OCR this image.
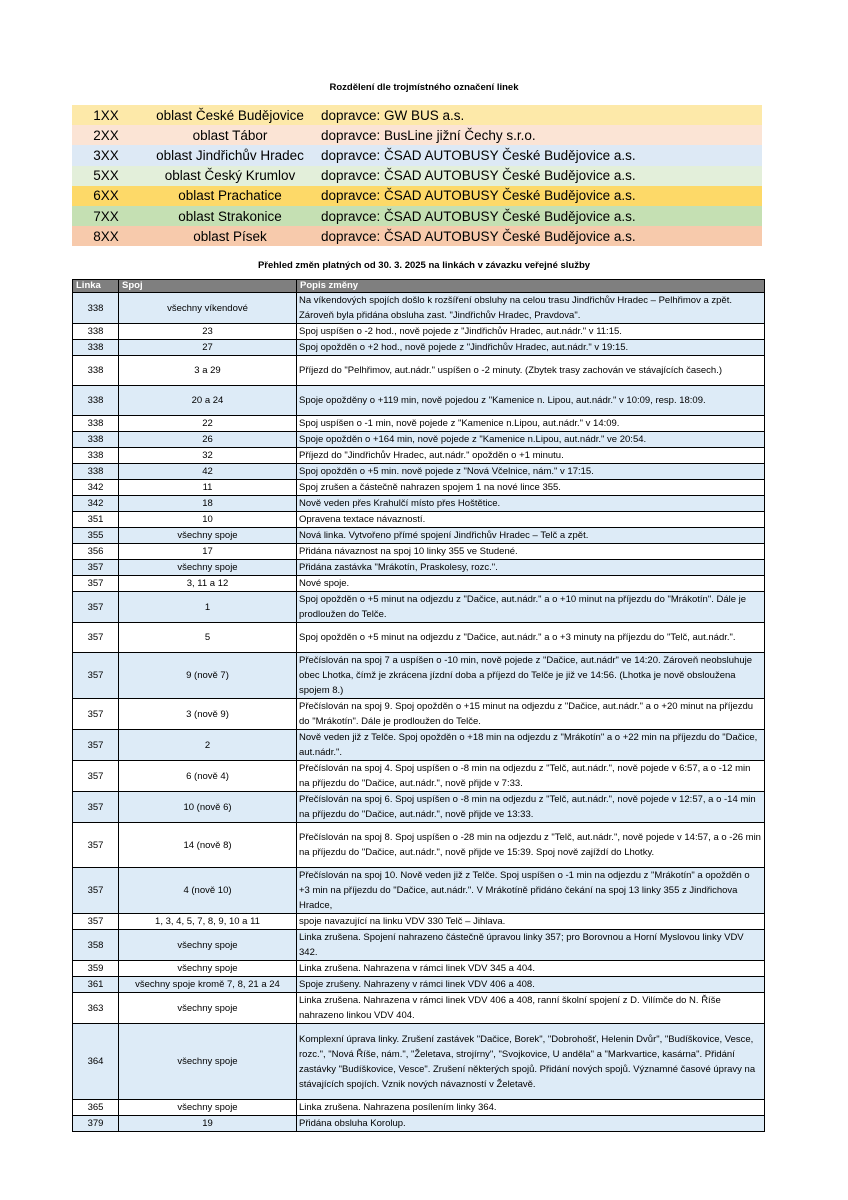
Rozdělení dle trojmístného označení linek
1XX	oblast České Budějovice	dopravce: GW BUS a.s.
2XX	oblast Tábor	dopravce: BusLine jižní Čechy s.r.o.
3XX	oblast Jindřichův Hradec	dopravce: ČSAD AUTOBUSY České Budějovice a.s.
5XX	oblast Český Krumlov	dopravce: ČSAD AUTOBUSY České Budějovice a.s.
6XX	oblast Prachatice	dopravce: ČSAD AUTOBUSY České Budějovice a.s.
7XX	oblast Strakonice	dopravce: ČSAD AUTOBUSY České Budějovice a.s.
8XX	oblast Písek	dopravce: ČSAD AUTOBUSY České Budějovice a.s.
Přehled změn platných od 30. 3. 2025 na linkách v závazku veřejné služby
Linka	Spoj	Popis změny
338	všechny víkendové	Na víkendových spojích došlo k rozšíření obsluhy na celou trasu Jindřichův Hradec – Pelhřimov a zpět. Zároveň byla přidána obsluha zast. "Jindřichův Hradec, Pravdova".
338	23	Spoj uspíšen o -2 hod., nově pojede z "Jindřichův Hradec, aut.nádr." v 11:15.
338	27	Spoj opožděn o +2 hod., nově pojede z "Jindřichův Hradec, aut.nádr." v 19:15.
338	3 a 29	Příjezd do "Pelhřimov, aut.nádr." uspíšen o -2 minuty. (Zbytek trasy zachován ve stávajících časech.)
338	20 a 24	Spoje opožděny o +119 min, nově pojedou z "Kamenice n. Lipou, aut.nádr." v 10:09, resp. 18:09.
338	22	Spoj uspíšen o -1 min, nově pojede z "Kamenice n.Lipou, aut.nádr." v 14:09.
338	26	Spoje opožděn o +164 min, nově pojede z "Kamenice n.Lipou, aut.nádr." ve 20:54.
338	32	Příjezd do "Jindřichův Hradec, aut.nádr." opožděn o +1 minutu.
338	42	Spoj opožděn o +5 min. nově pojede z "Nová Včelnice, nám." v 17:15.
342	11	Spoj zrušen a částečně nahrazen spojem 1 na nové lince 355.
342	18	Nově veden přes Krahulčí místo přes Hoštětice.
351	10	Opravena textace návazností.
355	všechny spoje	Nová linka. Vytvořeno přímé spojení Jindřichův Hradec – Telč a zpět.
356	17	Přidána návaznost na spoj 10 linky 355 ve Studené.
357	všechny spoje	Přidána zastávka "Mrákotín, Praskolesy, rozc.".
357	3, 11 a 12	Nové spoje.
357	1	Spoj opožděn o +5 minut na odjezdu z "Dačice, aut.nádr." a o +10 minut na příjezdu do "Mrákotín". Dále je prodloužen do Telče.
357	5	Spoj opožděn o +5 minut na odjezdu z "Dačice, aut.nádr." a o +3 minuty na příjezdu do "Telč, aut.nádr.".
357	9 (nově 7)	Přečíslován na spoj 7 a uspíšen o -10 min, nově pojede z "Dačice, aut.nádr" ve 14:20. Zároveň neobsluhuje obec Lhotka, čímž je zkrácena jízdní doba a příjezd do Telče je již ve 14:56. (Lhotka je nově obsloužena spojem 8.)
357	3 (nově 9)	Přečíslován na spoj 9. Spoj opožděn o +15 minut na odjezdu z "Dačice, aut.nádr." a o +20 minut na příjezdu do "Mrákotín". Dále je prodloužen do Telče.
357	2	Nově veden již z Telče. Spoj opožděn o +18 min na odjezdu z "Mrákotín" a o +22 min na příjezdu do "Dačice, aut.nádr.".
357	6 (nově 4)	Přečíslován na spoj 4. Spoj uspíšen o -8 min na odjezdu z "Telč, aut.nádr.", nově pojede v 6:57, a o -12 min na příjezdu do "Dačice, aut.nádr.", nově přijde v 7:33.
357	10 (nově 6)	Přečíslován na spoj 6. Spoj uspíšen o -8 min na odjezdu z "Telč, aut.nádr.", nově pojede v 12:57, a o -14 min na příjezdu do "Dačice, aut.nádr.", nově přijde ve 13:33.
357	14 (nově 8)	Přečíslován na spoj 8. Spoj uspíšen o -28 min na odjezdu z "Telč, aut.nádr.", nově pojede v 14:57, a o -26 min na příjezdu do "Dačice, aut.nádr.", nově přijde ve 15:39. Spoj nově zajíždí do Lhotky.
357	4 (nově 10)	Přečíslován na spoj 10. Nově veden již z Telče. Spoj uspíšen o -1 min na odjezdu z "Mrákotín" a opožděn o +3 min na příjezdu do "Dačice, aut.nádr.". V Mrákotíně přidáno čekání na spoj 13 linky 355 z Jindřichova Hradce,
357	1, 3, 4, 5, 7, 8, 9, 10 a 11	spoje navazující na linku VDV 330 Telč – Jihlava.
358	všechny spoje	Linka zrušena. Spojení nahrazeno částečně úpravou linky 357; pro Borovnou a Horní Myslovou linky VDV 342.
359	všechny spoje	Linka zrušena. Nahrazena v rámci linek VDV 345 a 404.
361	všechny spoje kromě 7, 8, 21 a 24	Spoje zrušeny. Nahrazeny v rámci linek VDV 406 a 408.
363	všechny spoje	Linka zrušena. Nahrazena v rámci linek VDV 406 a 408, ranní školní spojení z D. Vilímče do N. Říše nahrazeno linkou VDV 404.
364	všechny spoje	Komplexní úprava linky. Zrušení zastávek "Dačice, Borek", "Dobrohošť, Helenin Dvůr", "Budíškovice, Vesce, rozc.", "Nová Říše, nám.", "Želetava, strojírny", "Svojkovice, U anděla" a "Markvartice, kasárna". Přidání zastávky "Budíškovice, Vesce". Zrušení některých spojů. Přidání nových spojů. Významné časové úpravy na stávajících spojích. Vznik nových návazností v Želetavě.
365	všechny spoje	Linka zrušena. Nahrazena posílením linky 364.
379	19	Přidána obsluha Korolup.
